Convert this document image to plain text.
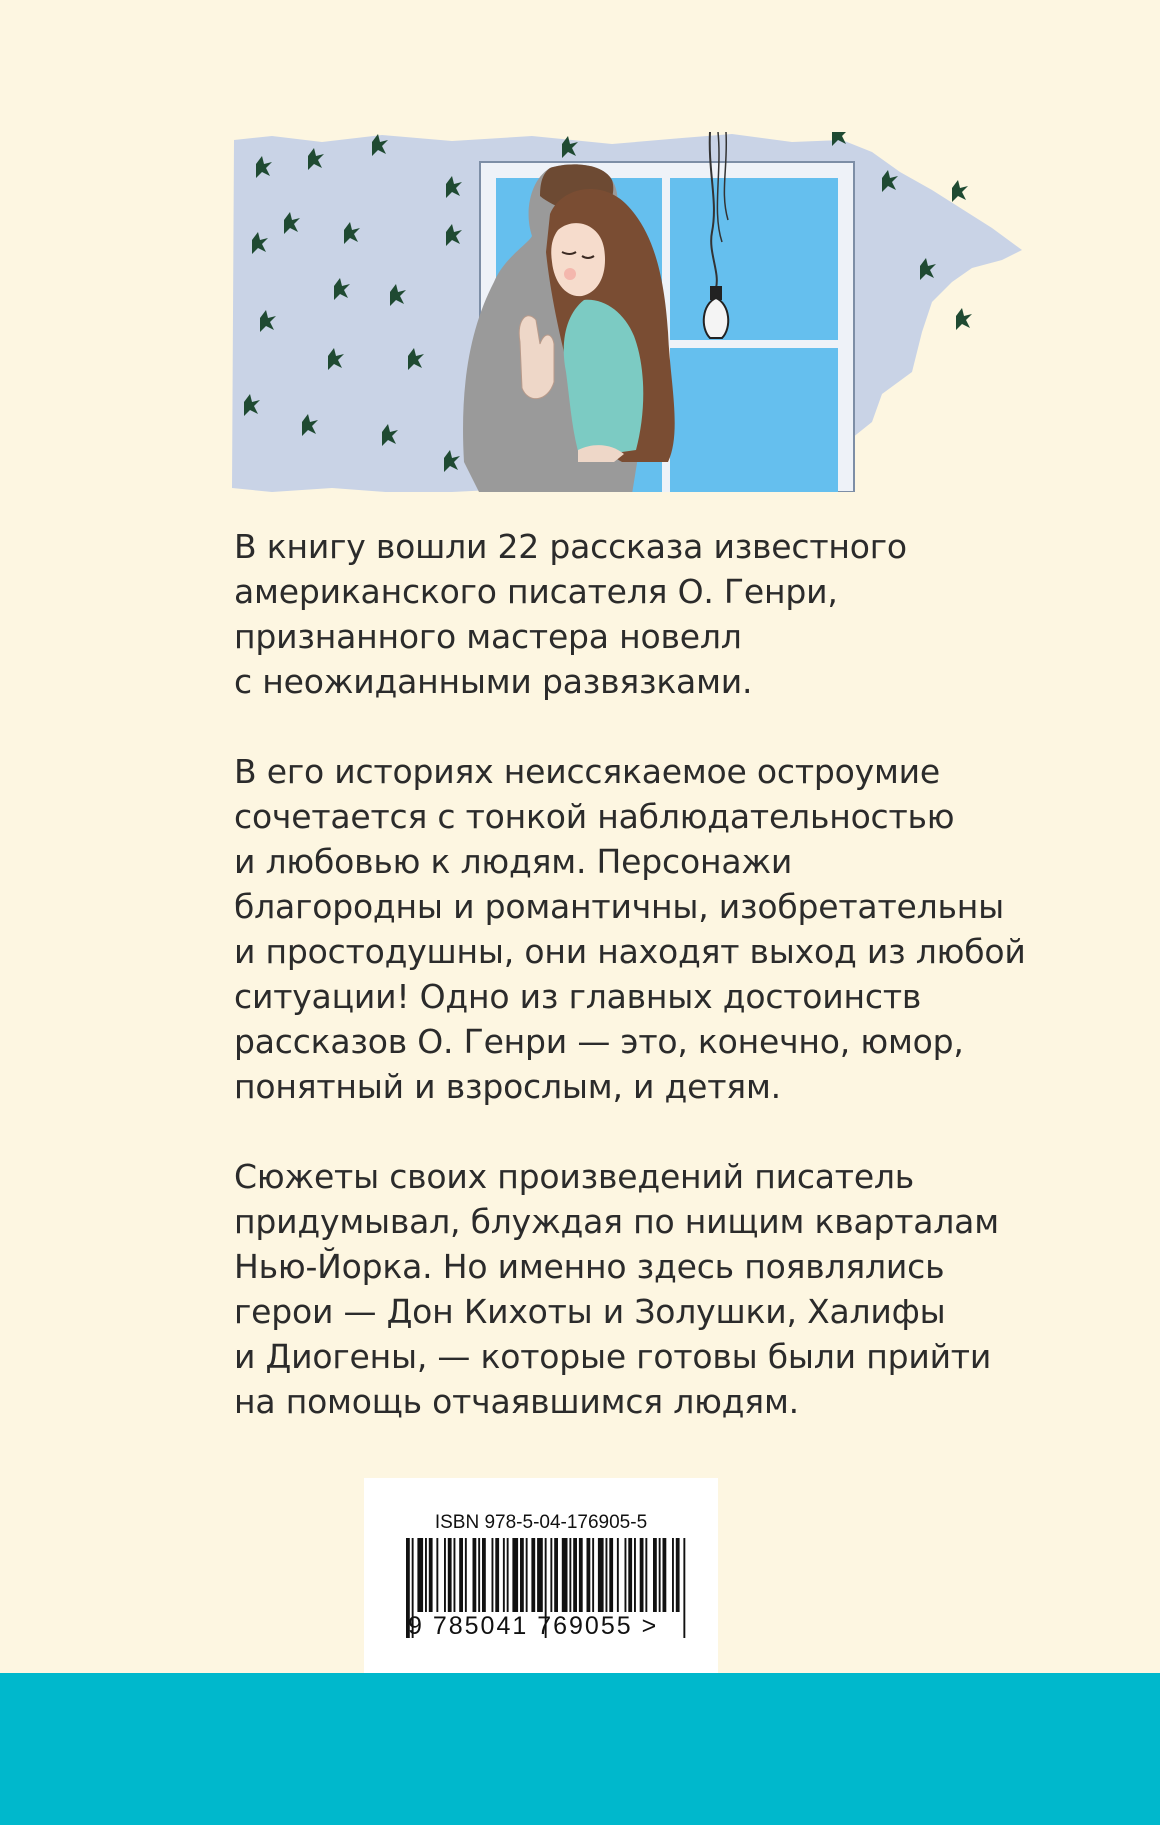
В книгу вошли 22 рассказа известного
американского писателя О. Генри,
признанного мастера новелл
с неожиданными развязками.

В его историях неиссякаемое остроумие
сочетается с тонкой наблюдательностью
и любовью к людям. Персонажи
благородны и романтичны, изобретательны
и простодушны, они находят выход из любой
ситуации! Одно из главных достоинств
рассказов О. Генри — это, конечно, юмор,
понятный и взрослым, и детям.

Сюжеты своих произведений писатель
придумывал, блуждая по нищим кварталам
Нью-Йорка. Но именно здесь появлялись
герои — Дон Кихоты и Золушки, Халифы
и Диогены, — которые готовы были прийти
на помощь отчаявшимся людям.

ISBN 978-5-04-176905-5
9 785041 769055 >
